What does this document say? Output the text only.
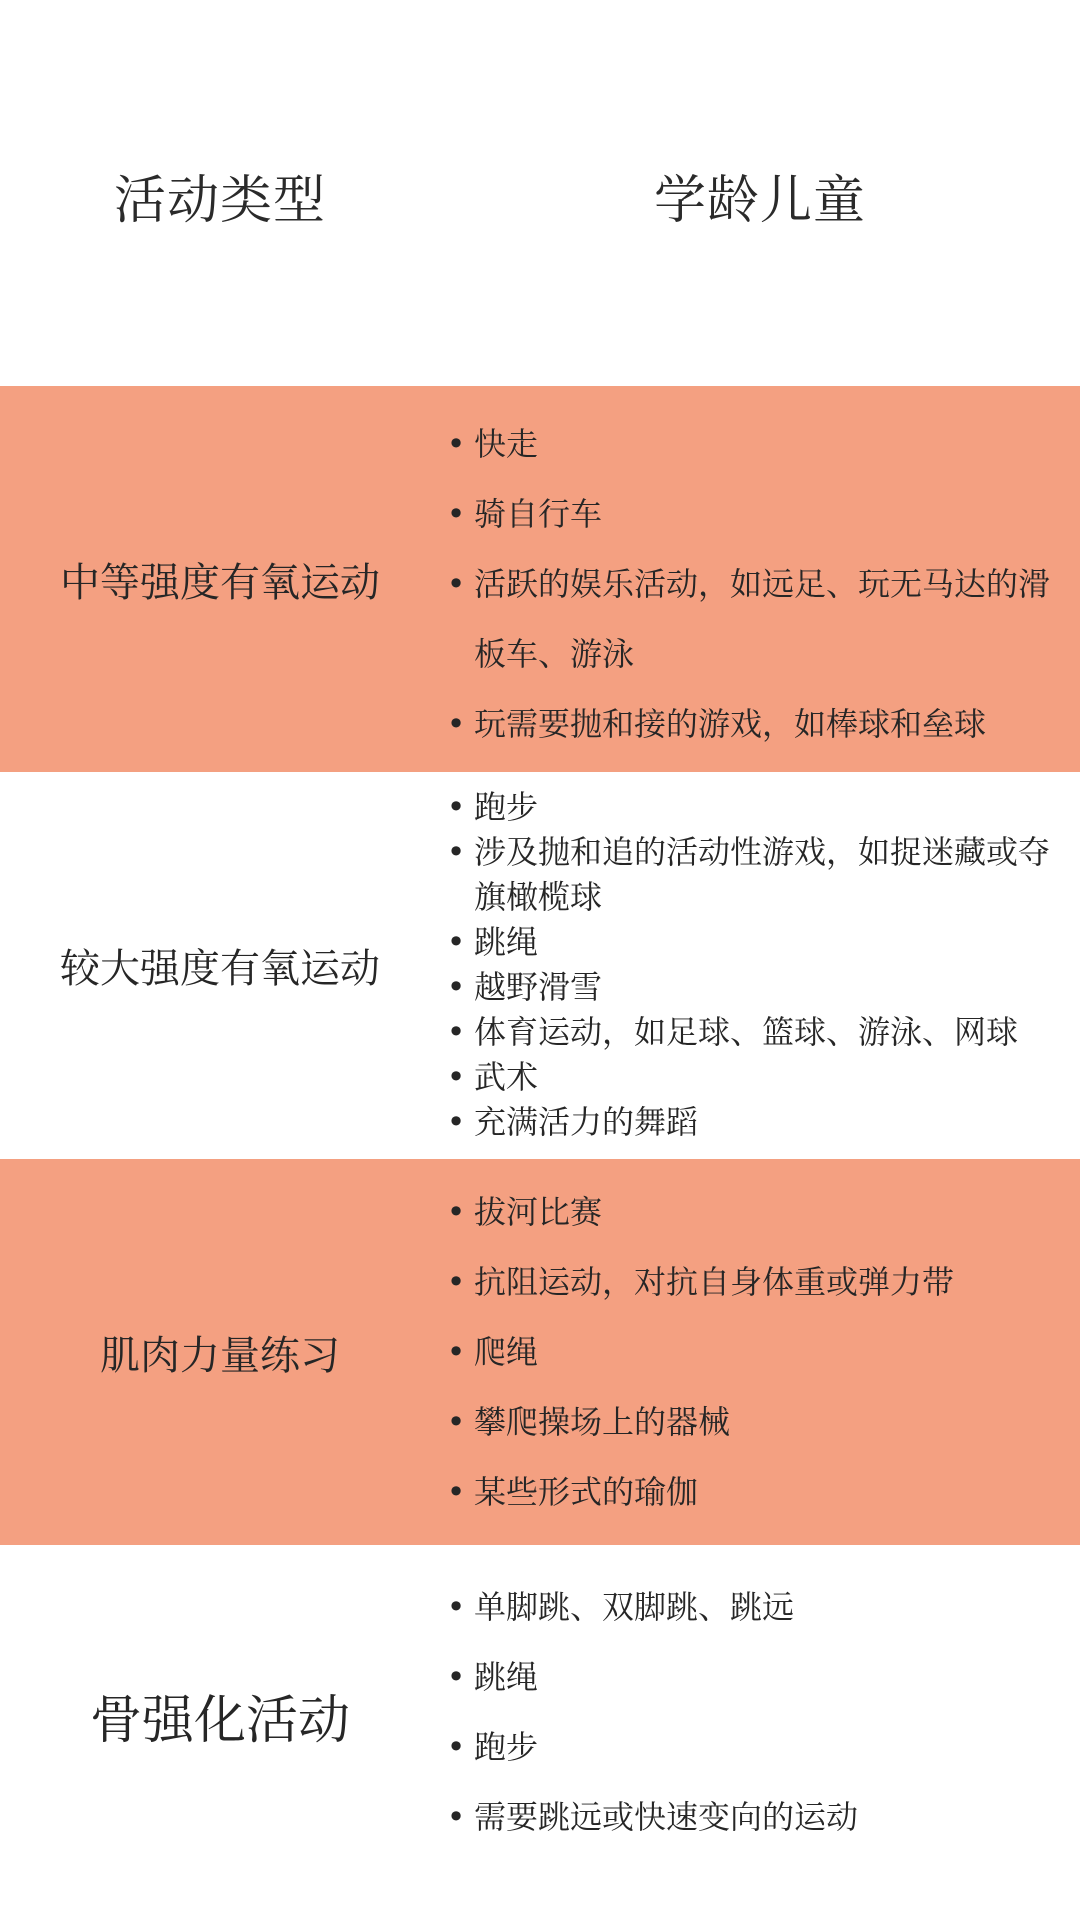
活动类型	学龄儿童
中等强度有氧运动
• 快走
• 骑自行车
• 活跃的娱乐活动，如远足、玩无马达的滑板车、游泳
• 玩需要抛和接的游戏，如棒球和垒球
较大强度有氧运动
• 跑步
• 涉及抛和追的活动性游戏，如捉迷藏或夺旗橄榄球
• 跳绳
• 越野滑雪
• 体育运动，如足球、篮球、游泳、网球
• 武术
• 充满活力的舞蹈
肌肉力量练习
• 拔河比赛
• 抗阻运动，对抗自身体重或弹力带
• 爬绳
• 攀爬操场上的器械
• 某些形式的瑜伽
骨强化活动
• 单脚跳、双脚跳、跳远
• 跳绳
• 跑步
• 需要跳远或快速变向的运动
